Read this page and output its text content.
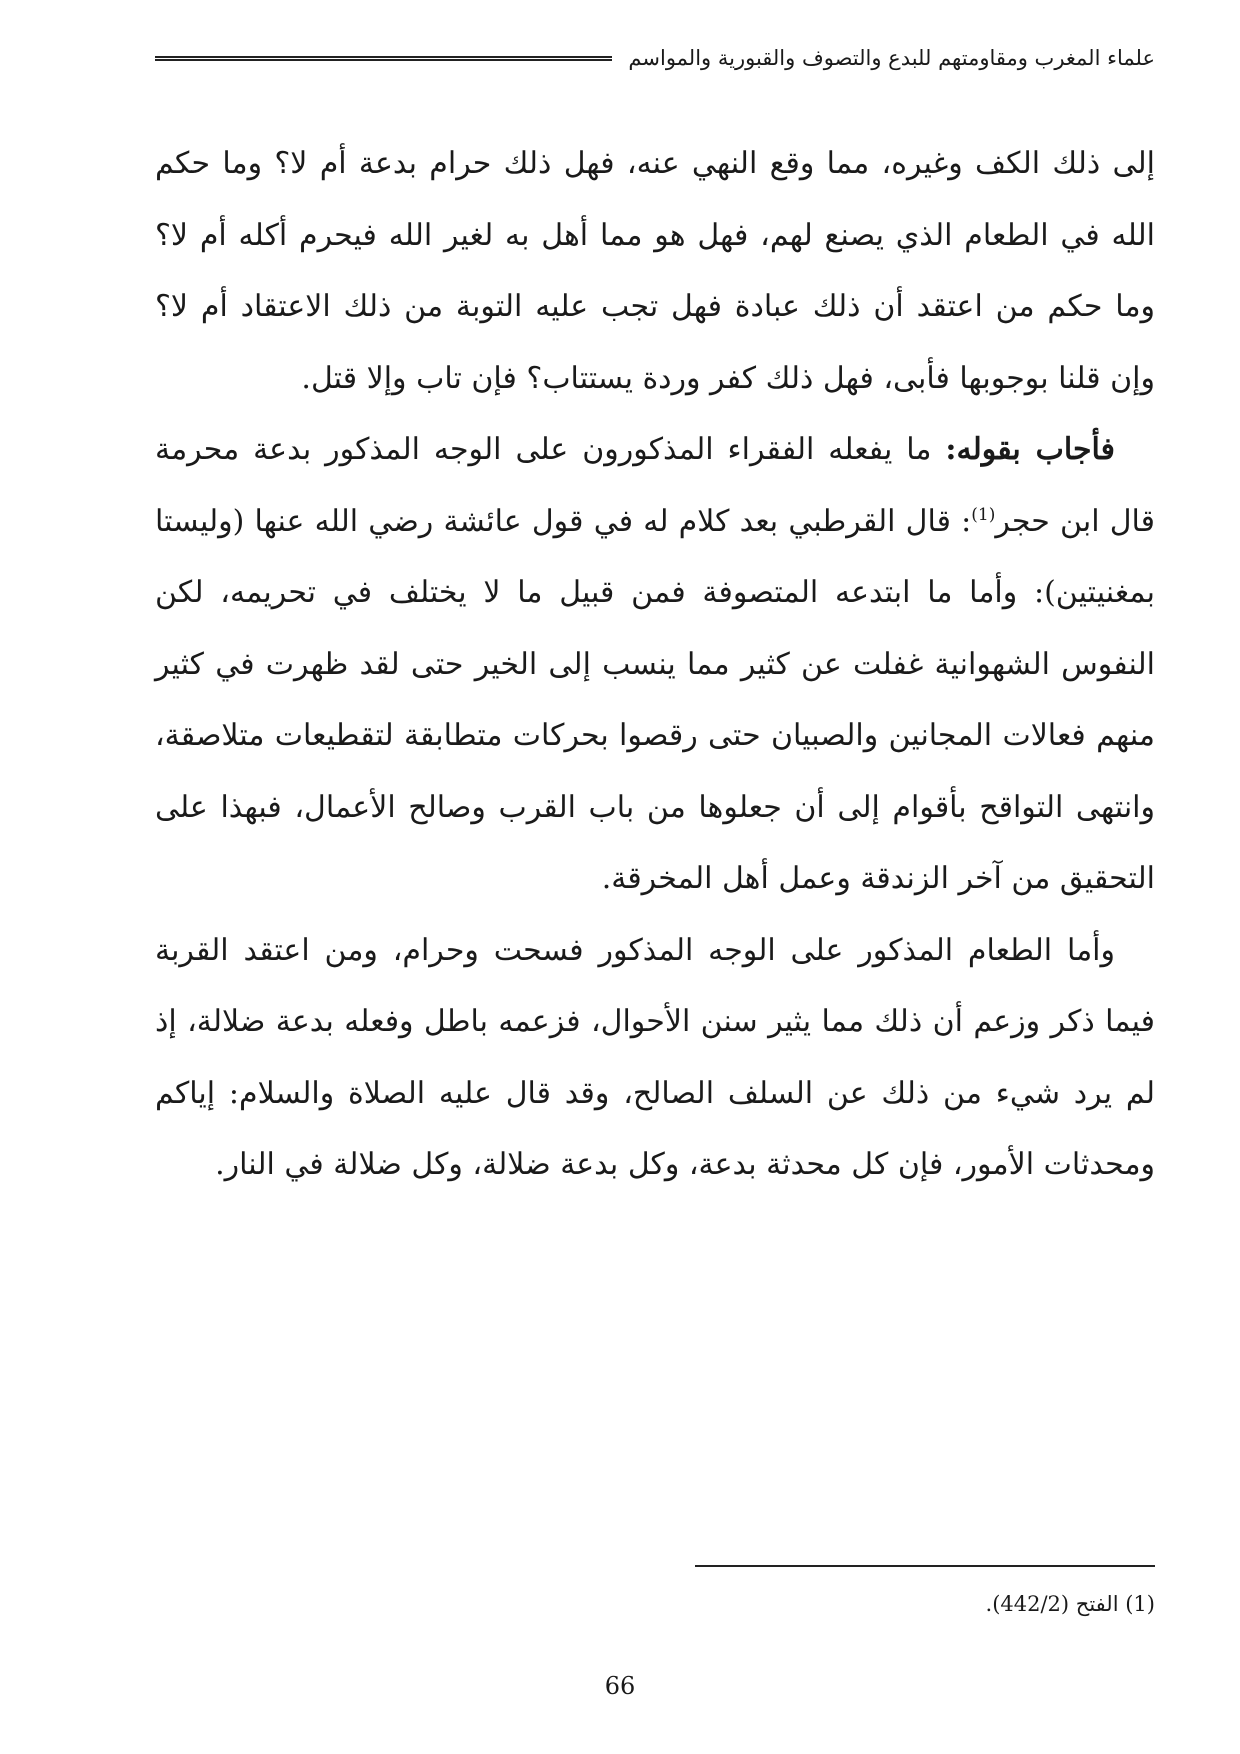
علماء المغرب ومقاومتهم للبدع والتصوف والقبورية والمواسم

إلى ذلك الكف وغيره، مما وقع النهي عنه، فهل ذلك حرام بدعة أم لا؟ وما حكم الله في الطعام الذي يصنع لهم، فهل هو مما أهل به لغير الله فيحرم أكله أم لا؟ وما حكم من اعتقد أن ذلك عبادة فهل تجب عليه التوبة من ذلك الاعتقاد أم لا؟ وإن قلنا بوجوبها فأبى، فهل ذلك كفر وردة يستتاب؟ فإن تاب وإلا قتل.

فأجاب بقوله: ما يفعله الفقراء المذكورون على الوجه المذكور بدعة محرمة قال ابن حجر$^{(1)}$: قال القرطبي بعد كلام له في قول عائشة رضي الله عنها (وليستا بمغنيتين): وأما ما ابتدعه المتصوفة فمن قبيل ما لا يختلف في تحريمه، لكن النفوس الشهوانية غفلت عن كثير مما ينسب إلى الخير حتى لقد ظهرت في كثير منهم فعالات المجانين والصبيان حتى رقصوا بحركات متطابقة لتقطيعات متلاصقة، وانتهى التواقح بأقوام إلى أن جعلوها من باب القرب وصالح الأعمال، فبهذا على التحقيق من آخر الزندقة وعمل أهل المخرقة.

وأما الطعام المذكور على الوجه المذكور فسحت وحرام، ومن اعتقد القربة فيما ذكر وزعم أن ذلك مما يثير سنن الأحوال، فزعمه باطل وفعله بدعة ضلالة، إذ لم يرد شيء من ذلك عن السلف الصالح، وقد قال عليه الصلاة والسلام: إياكم ومحدثات الأمور، فإن كل محدثة بدعة، وكل بدعة ضلالة، وكل ضلالة في النار.

(1) الفتح (442/2).
66
